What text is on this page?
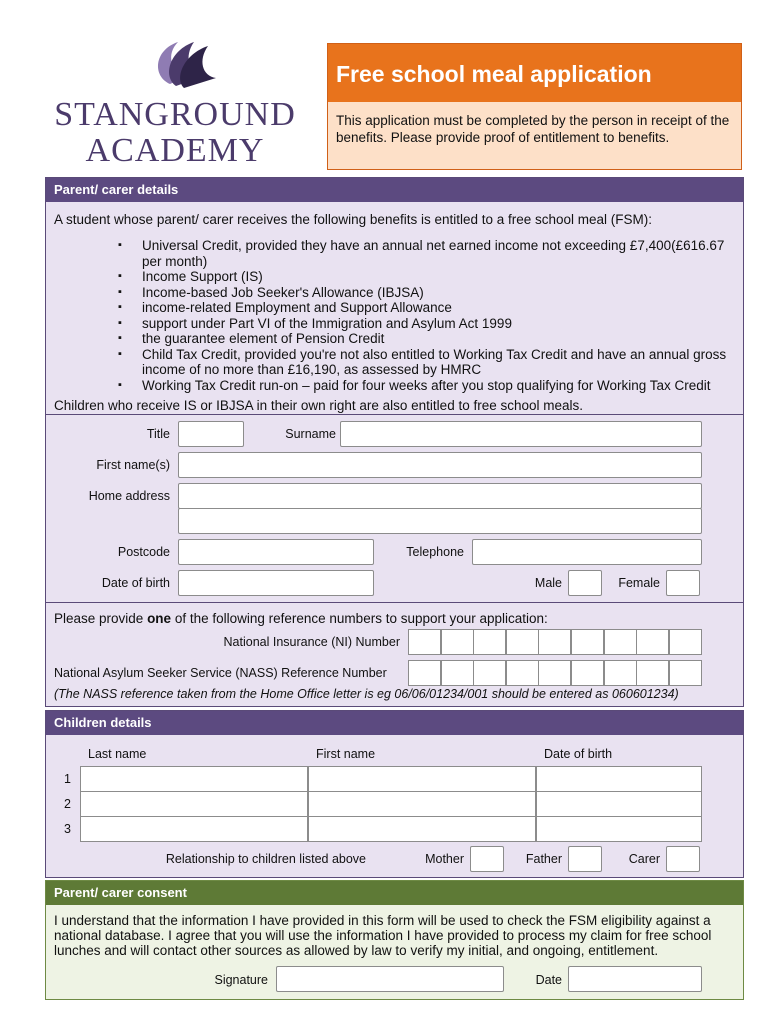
STANGROUND
ACADEMY
Free school meal application
This application must be completed by the person in receipt of the benefits. Please provide proof of entitlement to benefits.
Parent/ carer details
A student whose parent/ carer receives the following benefits is entitled to a free school meal (FSM):
▪ Universal Credit, provided they have an annual net earned income not exceeding £7,400(£616.67 per month)
▪ Income Support (IS)
▪ Income-based Job Seeker's Allowance (IBJSA)
▪ income-related Employment and Support Allowance
▪ support under Part VI of the Immigration and Asylum Act 1999
▪ the guarantee element of Pension Credit
▪ Child Tax Credit, provided you're not also entitled to Working Tax Credit and have an annual gross income of no more than £16,190, as assessed by HMRC
▪ Working Tax Credit run-on – paid for four weeks after you stop qualifying for Working Tax Credit
Children who receive IS or IBJSA in their own right are also entitled to free school meals.
Title	Surname
First name(s)
Home address
Postcode	Telephone
Date of birth	Male	Female
Please provide one of the following reference numbers to support your application:
National Insurance (NI) Number
National Asylum Seeker Service (NASS) Reference Number
(The NASS reference taken from the Home Office letter is eg 06/06/01234/001 should be entered as 060601234)
Children details
Last name	First name	Date of birth
1
2
3
Relationship to children listed above	Mother	Father	Carer
Parent/ carer consent
I understand that the information I have provided in this form will be used to check the FSM eligibility against a national database. I agree that you will use the information I have provided to process my claim for free school lunches and will contact other sources as allowed by law to verify my initial, and ongoing, entitlement.
Signature	Date
